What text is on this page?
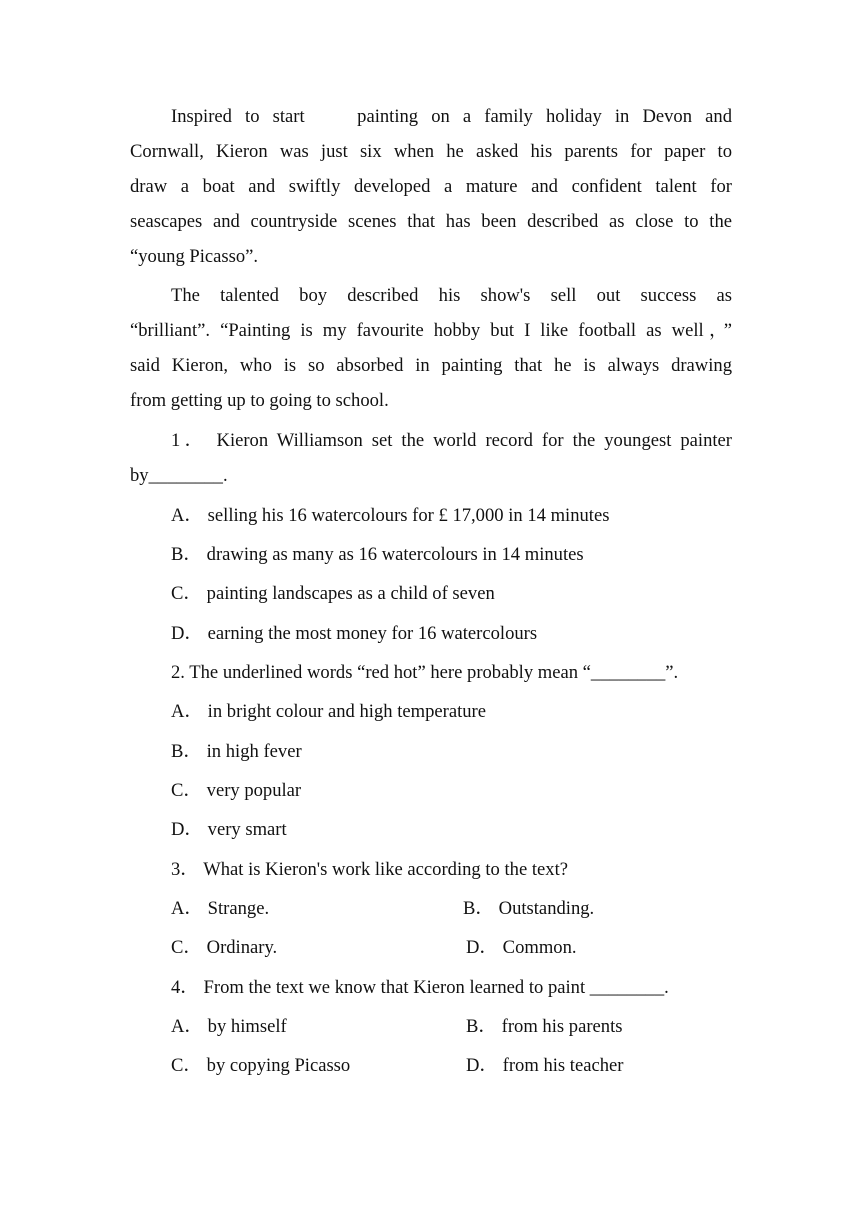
Inspired to start    painting on a family holiday in Devon and
Cornwall, Kieron was just six when he asked his parents for paper to
draw a boat and swiftly developed a mature and confident talent for
seascapes and countryside scenes that has been described as close to the
“young Picasso”.
The talented boy described his show's sell out success as
“brilliant”. “Painting is my favourite hobby but I like football as well，”
said Kieron, who is so absorbed in painting that he is always drawing
from getting up to going to school.
1． Kieron Williamson set the world record for the youngest painter
by________.
A． selling his 16 watercolours for £ 17,000 in 14 minutes
B． drawing as many as 16 watercolours in 14 minutes
C． painting landscapes as a child of seven
D． earning the most money for 16 watercolours
2. The underlined words “red hot” here probably mean “________”.
A． in bright colour and high temperature
B． in high fever
C． very popular
D． very smart
3． What is Kieron's work like according to the text?
A． Strange.	B． Outstanding.
C． Ordinary.	D． Common.
4． From the text we know that Kieron learned to paint ________.
A． by himself	B． from his parents
C． by copying Picasso	D． from his teacher
